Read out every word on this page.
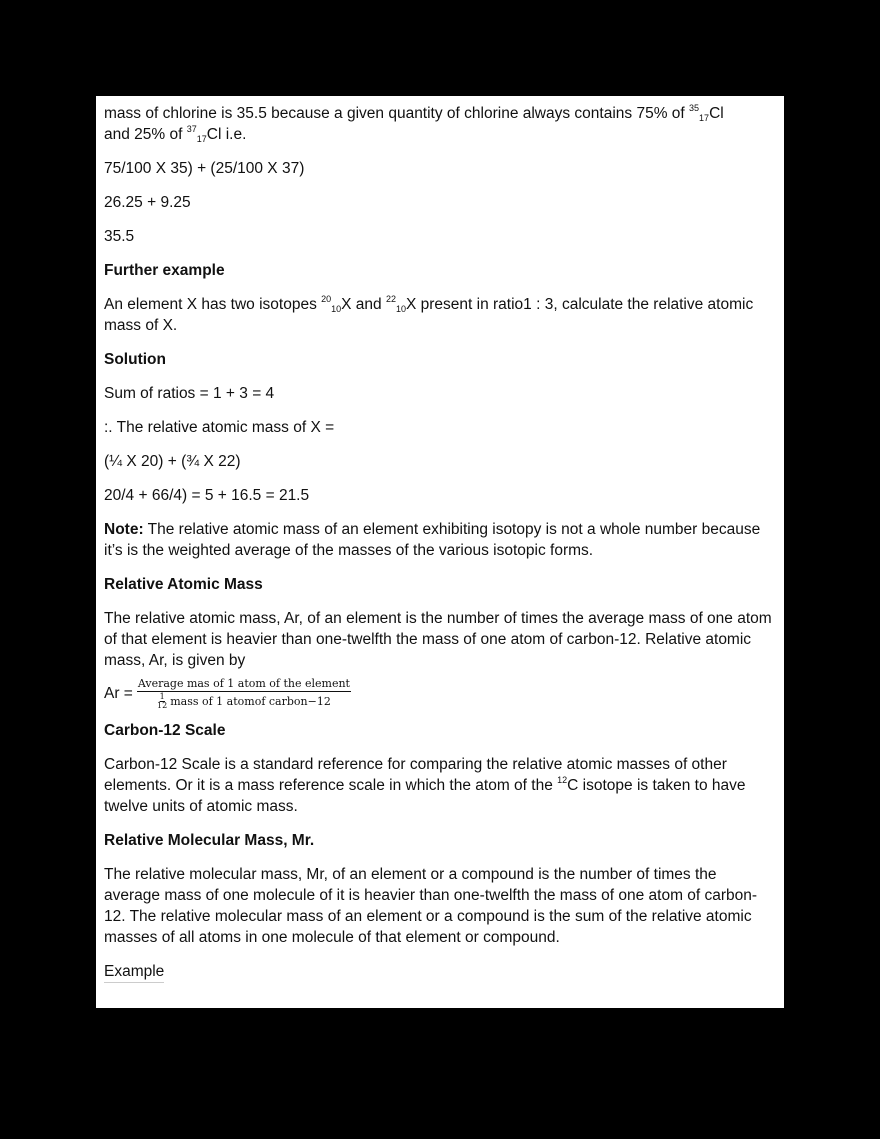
mass of chlorine is 35.5 because a given quantity of chlorine always contains 75% of $^{35}_{17}$Cl
and 25% of $^{37}_{17}$Cl i.e.

75/100 X 35) + (25/100 X 37)

26.25 + 9.25

35.5

Further example

An element X has two isotopes $^{20}_{10}$X and $^{22}_{10}$X present in ratio1 : 3, calculate the relative atomic mass of X.

Solution

Sum of ratios = 1 + 3 = 4

:. The relative atomic mass of X =

(¼ X 20) + (¾ X 22)

20/4 + 66/4) = 5 + 16.5 = 21.5

Note: The relative atomic mass of an element exhibiting isotopy is not a whole number because it’s is the weighted average of the masses of the various isotopic forms.

Relative Atomic Mass

The relative atomic mass, Ar, of an element is the number of times the average mass of one atom of that element is heavier than one-twelfth the mass of one atom of carbon-12. Relative atomic mass, Ar, is given by

$Ar = \frac{\text{Average mas of 1 atom of the element}}{\frac{1}{12} mass of 1 atomof carbon-12}$

Carbon-12 Scale

Carbon-12 Scale is a standard reference for comparing the relative atomic masses of other elements. Or it is a mass reference scale in which the atom of the $^{12}$C isotope is taken to have twelve units of atomic mass.

Relative Molecular Mass, Mr.

The relative molecular mass, Mr, of an element or a compound is the number of times the average mass of one molecule of it is heavier than one-twelfth the mass of one atom of carbon-12. The relative molecular mass of an element or a compound is the sum of the relative atomic masses of all atoms in one molecule of that element or compound.

Example
